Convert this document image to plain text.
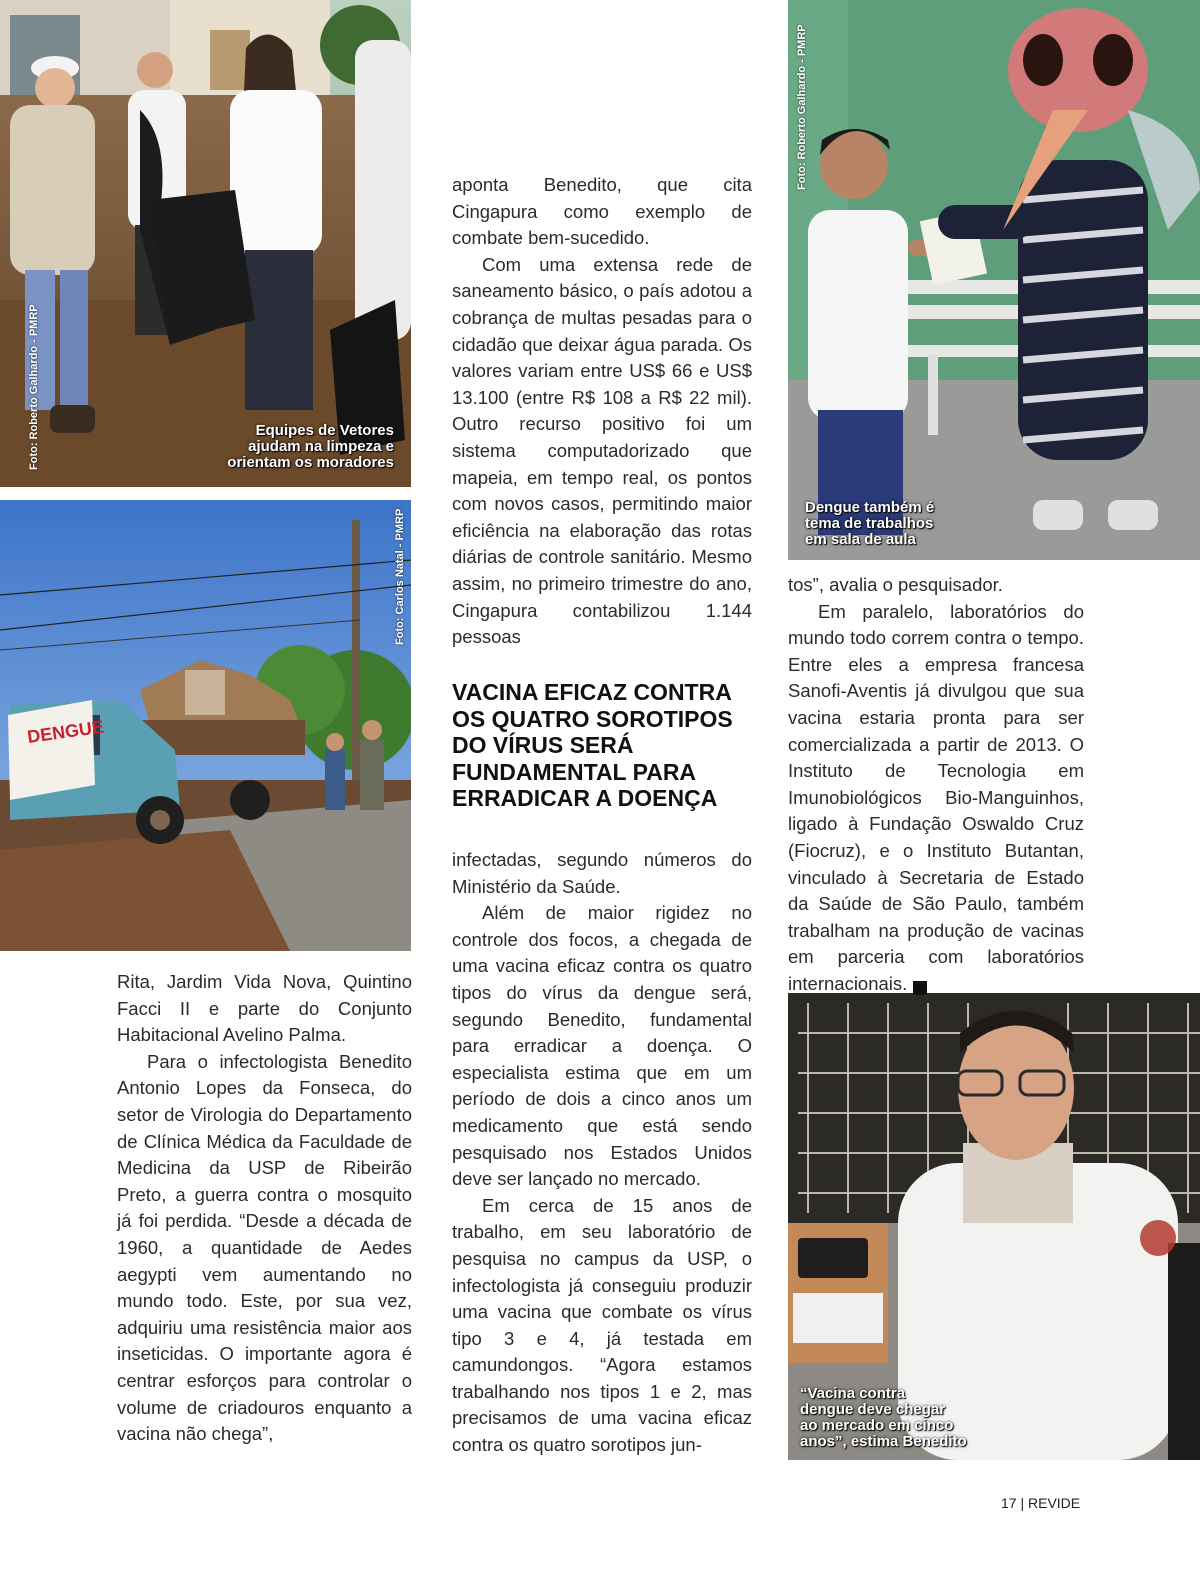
Foto: Roberto Galhardo - PMRP	Equipes de Vetores
ajudam na limpeza e
orientam os moradores
DENGUE
Foto: Carlos Natal - PMRP
Foto: Roberto Galhardo - PMRP
Dengue também é
tema de trabalhos
em sala de aula
“Vacina contra
dengue deve chegar
ao mercado em cinco
anos”, estima Benedito

Rita, Jardim Vida Nova, Quintino Facci II e parte do Conjunto Habitacional Avelino Palma.

Para o infectologista Benedito Antonio Lopes da Fonseca, do setor de Virologia do Departamento de Clínica Médica da Faculdade de Medicina da USP de Ribeirão Preto, a guerra contra o mosquito já foi perdida. “Desde a década de 1960, a quantidade de Aedes aegypti vem aumentando no mundo todo. Este, por sua vez, adquiriu uma resistência maior aos inseticidas. O importante agora é centrar esforços para controlar o volume de criadouros enquanto a vacina não chega”,

aponta Benedito, que cita Cingapura como exemplo de combate bem-sucedido.

Com uma extensa rede de saneamento básico, o país adotou a cobrança de multas pesadas para o cidadão que deixar água parada. Os valores variam entre US$ 66 e US$ 13.100 (entre R$ 108 a R$ 22 mil). Outro recurso positivo foi um sistema computadorizado que mapeia, em tempo real, os pontos com novos casos, permitindo maior eficiência na elaboração das rotas diárias de controle sanitário. Mesmo assim, no primeiro trimestre do ano, Cingapura contabilizou 1.144 pessoas

VACINA EFICAZ CONTRA OS QUATRO SOROTIPOS DO VÍRUS SERÁ FUNDAMENTAL PARA ERRADICAR A DOENÇA

infectadas, segundo números do Ministério da Saúde.

Além de maior rigidez no controle dos focos, a chegada de uma vacina eficaz contra os quatro tipos do vírus da dengue será, segundo Benedito, fundamental para erradicar a doença. O especialista estima que em um período de dois a cinco anos um medicamento que está sendo pesquisado nos Estados Unidos deve ser lançado no mercado.

Em cerca de 15 anos de trabalho, em seu laboratório de pesquisa no campus da USP, o infectologista já conseguiu produzir uma vacina que combate os vírus tipo 3 e 4, já testada em camundongos. “Agora estamos trabalhando nos tipos 1 e 2, mas precisamos de uma vacina eficaz contra os quatro sorotipos jun-

tos”, avalia o pesquisador.

Em paralelo, laboratórios do mundo todo correm contra o tempo. Entre eles a empresa francesa Sanofi-Aventis já divulgou que sua vacina estaria pronta para ser comercializada a partir de 2013. O Instituto de Tecnologia em Imunobiológicos Bio-Manguinhos, ligado à Fundação Oswaldo Cruz (Fiocruz), e o Instituto Butantan, vinculado à Secretaria de Estado da Saúde de São Paulo, também trabalham na produção de vacinas em parceria com laboratórios internacionais.	r

17 | REVIDE
